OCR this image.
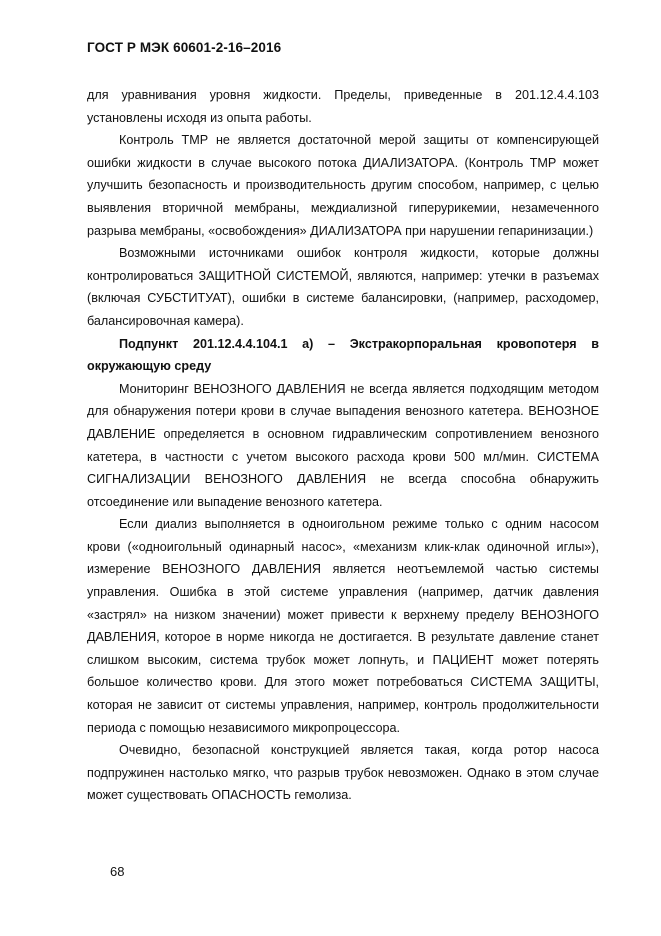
ГОСТ Р МЭК 60601-2-16–2016

для уравнивания уровня жидкости. Пределы, приведенные в 201.12.4.4.103 установлены исходя из опыта работы.

Контроль ТМР не является достаточной мерой защиты от компенсирующей ошибки жидкости в случае высокого потока ДИАЛИЗАТОРА. (Контроль ТМР может улучшить безопасность и производительность другим способом, например, с целью выявления вторичной мембраны, междиализной гиперурикемии, незамеченного разрыва мембраны, «освобождения» ДИАЛИЗАТОРА при нарушении гепаринизации.)

Возможными источниками ошибок контроля жидкости, которые должны контролироваться ЗАЩИТНОЙ СИСТЕМОЙ, являются, например: утечки в разъемах (включая СУБСТИТУАТ), ошибки в системе балансировки, (например, расходомер, балансировочная камера).

Подпункт 201.12.4.4.104.1 а) – Экстракорпоральная кровопотеря в окружающую среду

Мониторинг ВЕНОЗНОГО ДАВЛЕНИЯ не всегда является подходящим методом для обнаружения потери крови в случае выпадения венозного катетера. ВЕНОЗНОЕ ДАВЛЕНИЕ определяется в основном гидравлическим сопротивлением венозного катетера, в частности с учетом высокого расхода крови 500 мл/мин. СИСТЕМА СИГНАЛИЗАЦИИ ВЕНОЗНОГО ДАВЛЕНИЯ не всегда способна обнаружить отсоединение или выпадение венозного катетера.

Если диализ выполняется в одноигольном режиме только с одним насосом крови («одноигольный одинарный насос», «механизм клик-клак одиночной иглы»), измерение ВЕНОЗНОГО ДАВЛЕНИЯ является неотъемлемой частью системы управления. Ошибка в этой системе управления (например, датчик давления «застрял» на низком значении) может привести к верхнему пределу ВЕНОЗНОГО ДАВЛЕНИЯ, которое в норме никогда не достигается. В результате давление станет слишком высоким, система трубок может лопнуть, и ПАЦИЕНТ может потерять большое количество крови. Для этого может потребоваться СИСТЕМА ЗАЩИТЫ, которая не зависит от системы управления, например, контроль продолжительности периода с помощью независимого микропроцессора.

Очевидно, безопасной конструкцией является такая, когда ротор насоса подпружинен настолько мягко, что разрыв трубок невозможен. Однако в этом случае может существовать ОПАСНОСТЬ гемолиза.

68
